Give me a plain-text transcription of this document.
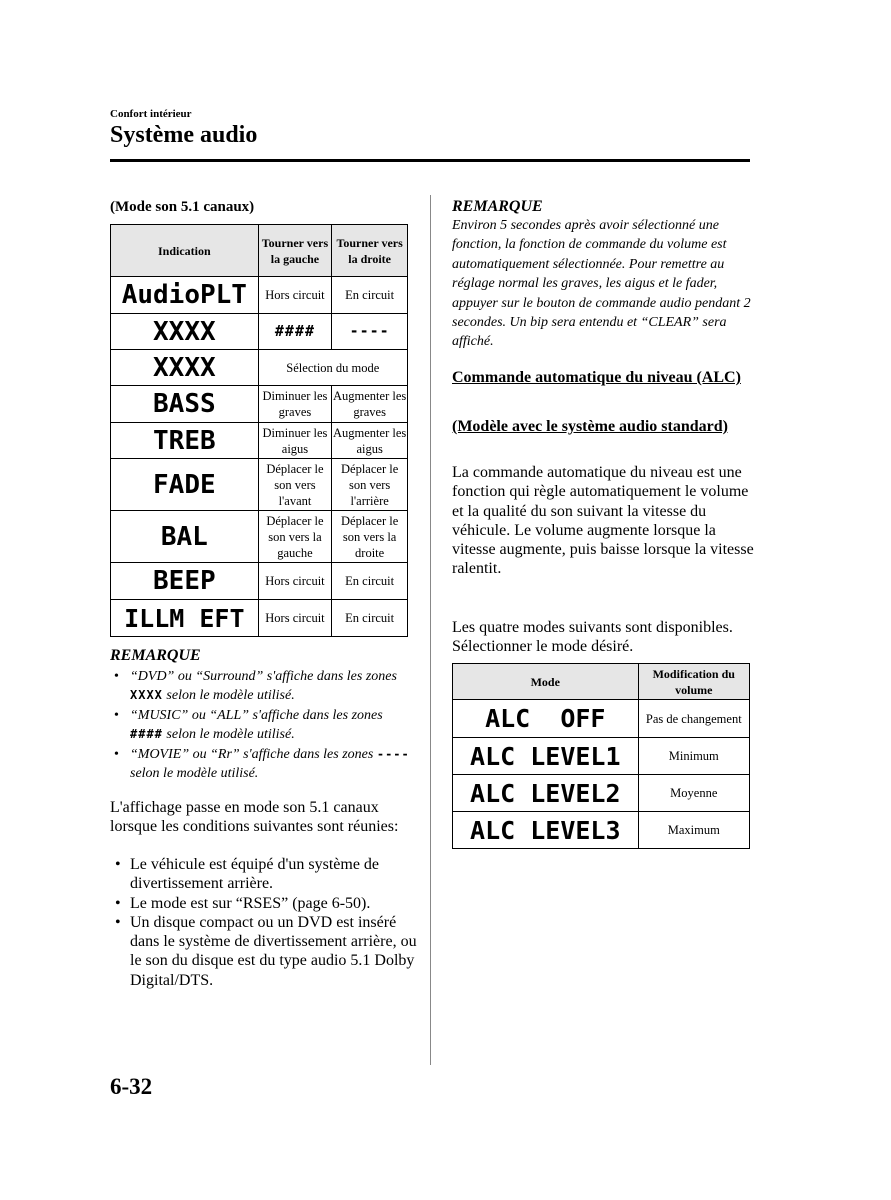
Confort intérieur
Système audio
(Mode son 5.1 canaux)
Indication	Tourner vers la gauche	Tourner vers la droite
AudioPLT	Hors circuit	En circuit
XXXX	####	----
XXXX	Sélection du mode	
BASS	Diminuer les graves	Augmenter les graves
TREB	Diminuer les aigus	Augmenter les aigus
FADE	Déplacer le son vers l'avant	Déplacer le son vers l'arrière
BAL	Déplacer le son vers la gauche	Déplacer le son vers la droite
BEEP	Hors circuit	En circuit
ILLM EFT	Hors circuit	En circuit
REMARQUE
• “DVD” ou “Surround” s'affiche dans les zones XXXX selon le modèle utilisé.
• “MUSIC” ou “ALL” s'affiche dans les zones #### selon le modèle utilisé.
• “MOVIE” ou “Rr” s'affiche dans les zones ---- selon le modèle utilisé.
L'affichage passe en mode son 5.1 canaux lorsque les conditions suivantes sont réunies:
• Le véhicule est équipé d'un système de divertissement arrière.
• Le mode est sur “RSES” (page 6-50).
• Un disque compact ou un DVD est inséré dans le système de divertissement arrière, ou le son du disque est du type audio 5.1 Dolby Digital/DTS.
REMARQUE
Environ 5 secondes après avoir sélectionné une fonction, la fonction de commande du volume est automatiquement sélectionnée. Pour remettre au réglage normal les graves, les aigus et le fader, appuyer sur le bouton de commande audio pendant 2 secondes. Un bip sera entendu et “CLEAR” sera affiché.
Commande automatique du niveau (ALC)
(Modèle avec le système audio standard)
La commande automatique du niveau est une fonction qui règle automatiquement le volume et la qualité du son suivant la vitesse du véhicule. Le volume augmente lorsque la vitesse augmente, puis baisse lorsque la vitesse ralentit.
Les quatre modes suivants sont disponibles. Sélectionner le mode désiré.
Mode	Modification du volume
ALC  OFF	Pas de changement
ALC LEVEL1	Minimum
ALC LEVEL2	Moyenne
ALC LEVEL3	Maximum
6-32
